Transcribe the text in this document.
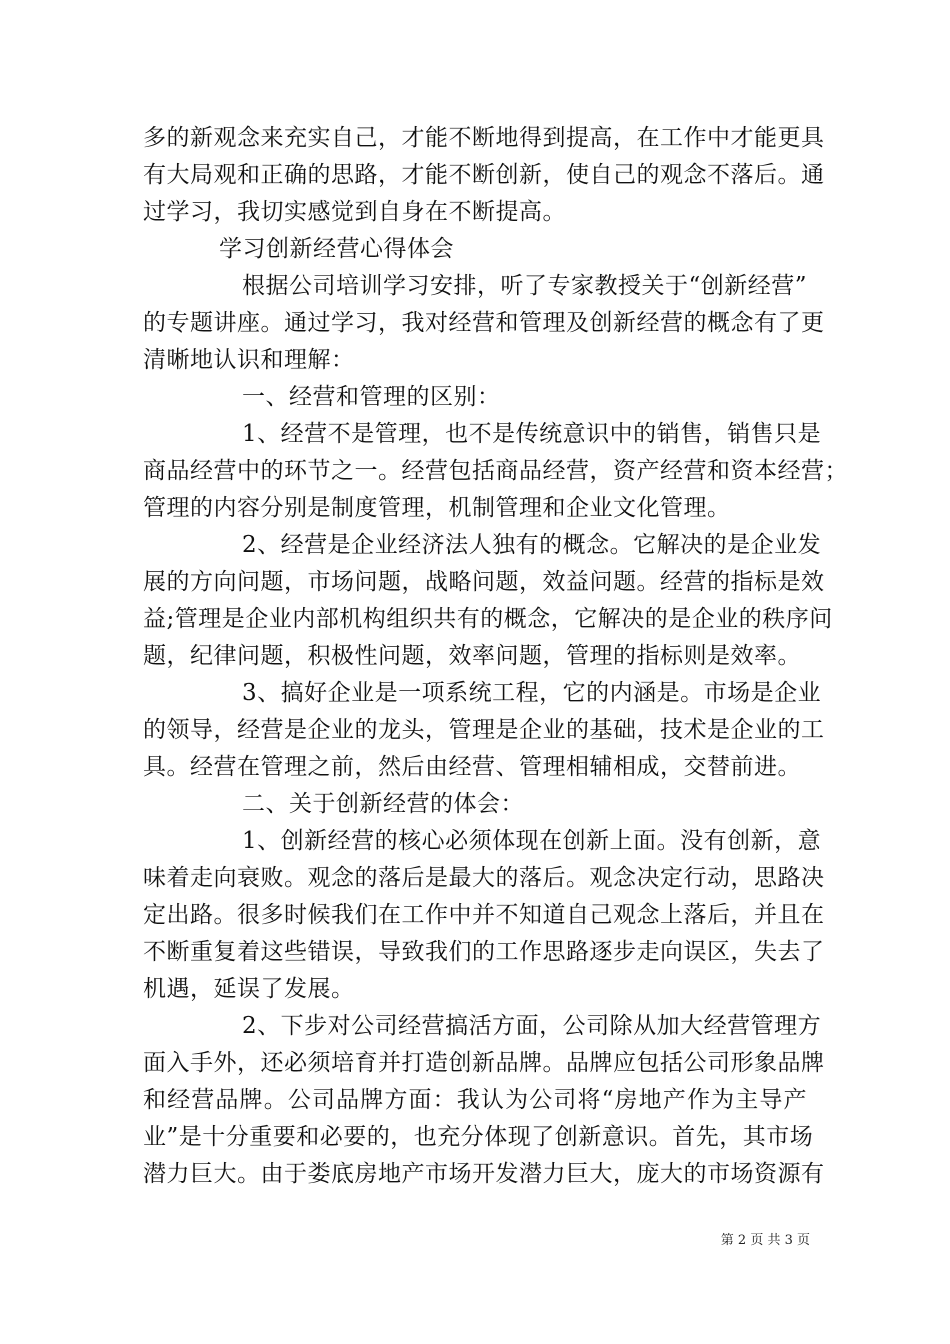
多的新观念来充实自己，才能不断地得到提高，在工作中才能更具
有大局观和正确的思路，才能不断创新，使自己的观念不落后。通
过学习，我切实感觉到自身在不断提高。
学习创新经营心得体会
根据公司培训学习安排，听了专家教授关于“创新经营”
的专题讲座。通过学习，我对经营和管理及创新经营的概念有了更
清晰地认识和理解：
一、经营和管理的区别：
1、经营不是管理，也不是传统意识中的销售，销售只是
商品经营中的环节之一。经营包括商品经营，资产经营和资本经营；
管理的内容分别是制度管理，机制管理和企业文化管理。
2、经营是企业经济法人独有的概念。它解决的是企业发
展的方向问题，市场问题，战略问题，效益问题。经营的指标是效
益;管理是企业内部机构组织共有的概念，它解决的是企业的秩序问
题，纪律问题，积极性问题，效率问题，管理的指标则是效率。
3、搞好企业是一项系统工程，它的内涵是。市场是企业
的领导，经营是企业的龙头，管理是企业的基础，技术是企业的工
具。经营在管理之前，然后由经营、管理相辅相成，交替前进。
二、关于创新经营的体会：
1、创新经营的核心必须体现在创新上面。没有创新，意
味着走向衰败。观念的落后是最大的落后。观念决定行动，思路决
定出路。很多时候我们在工作中并不知道自己观念上落后，并且在
不断重复着这些错误，导致我们的工作思路逐步走向误区，失去了
机遇，延误了发展。
2、下步对公司经营搞活方面，公司除从加大经营管理方
面入手外，还必须培育并打造创新品牌。品牌应包括公司形象品牌
和经营品牌。公司品牌方面：我认为公司将“房地产作为主导产
业”是十分重要和必要的，也充分体现了创新意识。首先，其市场
潜力巨大。由于娄底房地产市场开发潜力巨大，庞大的市场资源有
第 2 页 共 3 页
